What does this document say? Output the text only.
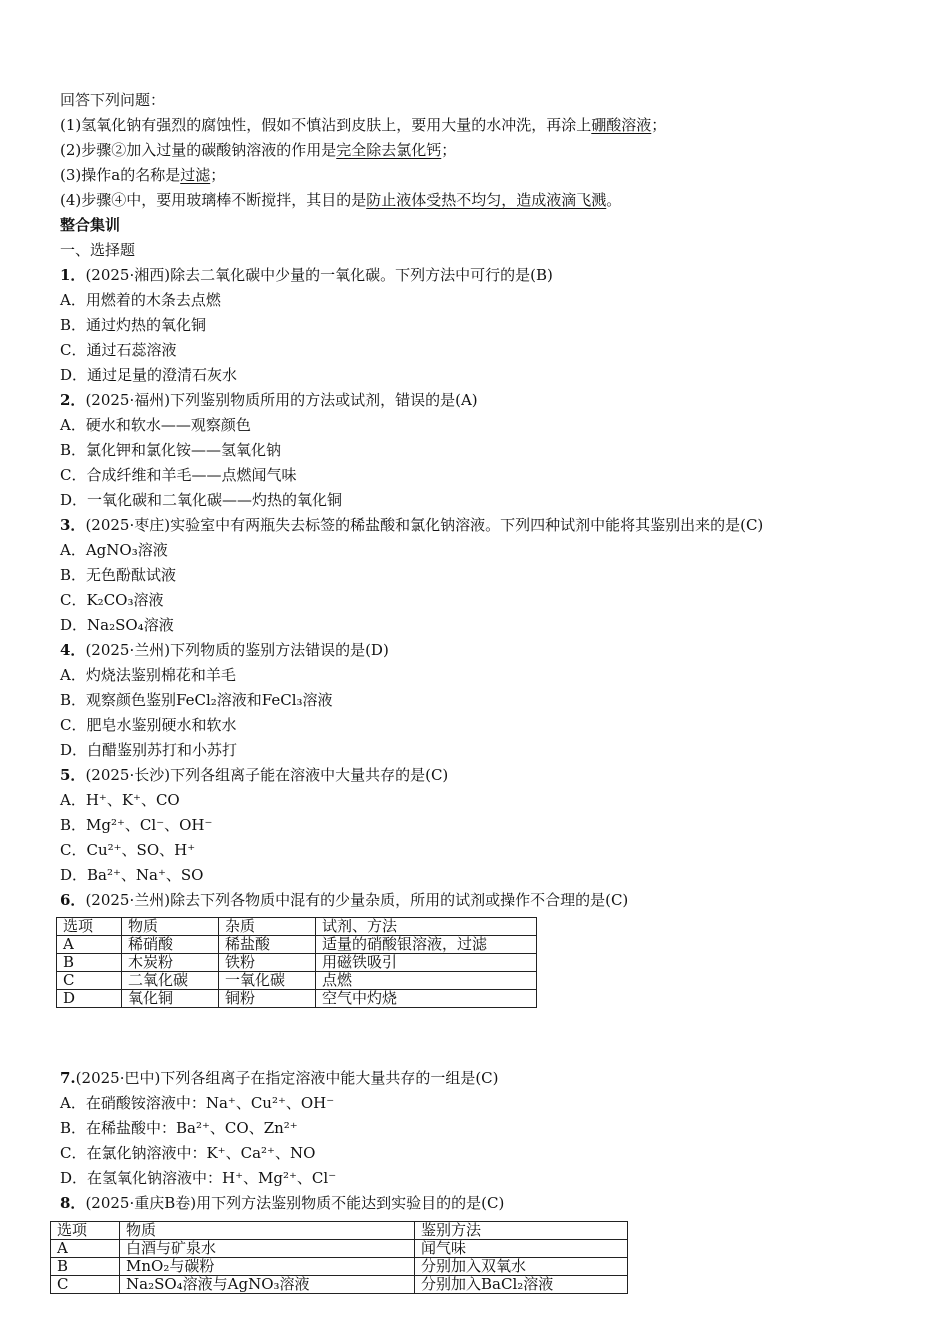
回答下列问题：
(1)氢氧化钠有强烈的腐蚀性，假如不慎沾到皮肤上，要用大量的水冲洗，再涂上硼酸溶液；
(2)步骤②加入过量的碳酸钠溶液的作用是完全除去氯化钙；
(3)操作a的名称是过滤；
(4)步骤④中，要用玻璃棒不断搅拌，其目的是防止液体受热不均匀，造成液滴飞溅。
整合集训
一、选择题
1．(2025·湘西)除去二氧化碳中少量的一氧化碳。下列方法中可行的是(B)
A．用燃着的木条去点燃
B．通过灼热的氧化铜
C．通过石蕊溶液
D．通过足量的澄清石灰水
2．(2025·福州)下列鉴别物质所用的方法或试剂，错误的是(A)
A．硬水和软水——观察颜色
B．氯化钾和氯化铵——氢氧化钠
C．合成纤维和羊毛——点燃闻气味
D．一氧化碳和二氧化碳——灼热的氧化铜
3．(2025·枣庄)实验室中有两瓶失去标签的稀盐酸和氯化钠溶液。下列四种试剂中能将其鉴别出来的是(C)
A．AgNO₃溶液
B．无色酚酞试液
C．K₂CO₃溶液
D．Na₂SO₄溶液
4．(2025·兰州)下列物质的鉴别方法错误的是(D)
A．灼烧法鉴别棉花和羊毛
B．观察颜色鉴别FeCl₂溶液和FeCl₃溶液
C．肥皂水鉴别硬水和软水
D．白醋鉴别苏打和小苏打
5．(2025·长沙)下列各组离子能在溶液中大量共存的是(C)
A．H⁺、K⁺、CO
B．Mg²⁺、Cl⁻、OH⁻
C．Cu²⁺、SO、H⁺
D．Ba²⁺、Na⁺、SO
6．(2025·兰州)除去下列各物质中混有的少量杂质，所用的试剂或操作不合理的是(C)
选项	物质	杂质	试剂、方法
A	稀硝酸	稀盐酸	适量的硝酸银溶液，过滤
B	木炭粉	铁粉	用磁铁吸引
C	二氧化碳	一氧化碳	点燃
D	氧化铜	铜粉	空气中灼烧
7.(2025·巴中)下列各组离子在指定溶液中能大量共存的一组是(C)
A．在硝酸铵溶液中：Na⁺、Cu²⁺、OH⁻
B．在稀盐酸中：Ba²⁺、CO、Zn²⁺
C．在氯化钠溶液中：K⁺、Ca²⁺、NO
D．在氢氧化钠溶液中：H⁺、Mg²⁺、Cl⁻
8．(2025·重庆B卷)用下列方法鉴别物质不能达到实验目的的是(C)
选项	物质	鉴别方法
A	白酒与矿泉水	闻气味
B	MnO₂与碳粉	分别加入双氧水
C	Na₂SO₄溶液与AgNO₃溶液	分别加入BaCl₂溶液
